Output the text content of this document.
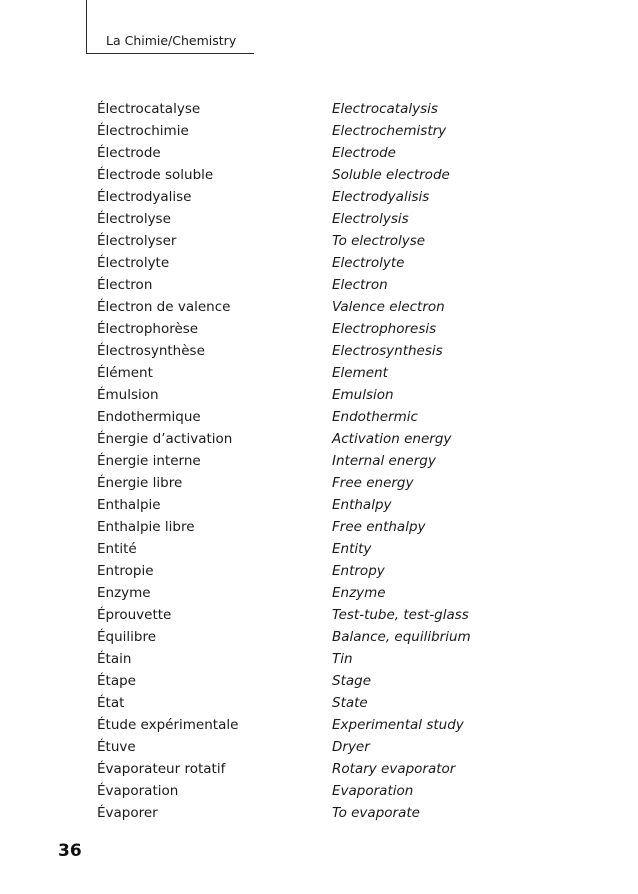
La Chimie/Chemistry
Électrocatalyse	Electrocatalysis
Électrochimie	Electrochemistry
Électrode	Electrode
Électrode soluble	Soluble electrode
Électrodyalise	Electrodyalisis
Électrolyse	Electrolysis
Électrolyser	To electrolyse
Électrolyte	Electrolyte
Électron	Electron
Électron de valence	Valence electron
Électrophorèse	Electrophoresis
Électrosynthèse	Electrosynthesis
Élément	Element
Émulsion	Emulsion
Endothermique	Endothermic
Énergie d’activation	Activation energy
Énergie interne	Internal energy
Énergie libre	Free energy
Enthalpie	Enthalpy
Enthalpie libre	Free enthalpy
Entité	Entity
Entropie	Entropy
Enzyme	Enzyme
Éprouvette	Test-tube, test-glass
Équilibre	Balance, equilibrium
Étain	Tin
Étape	Stage
État	State
Étude expérimentale	Experimental study
Étuve	Dryer
Évaporateur rotatif	Rotary evaporator
Évaporation	Evaporation
Évaporer	To evaporate
36
